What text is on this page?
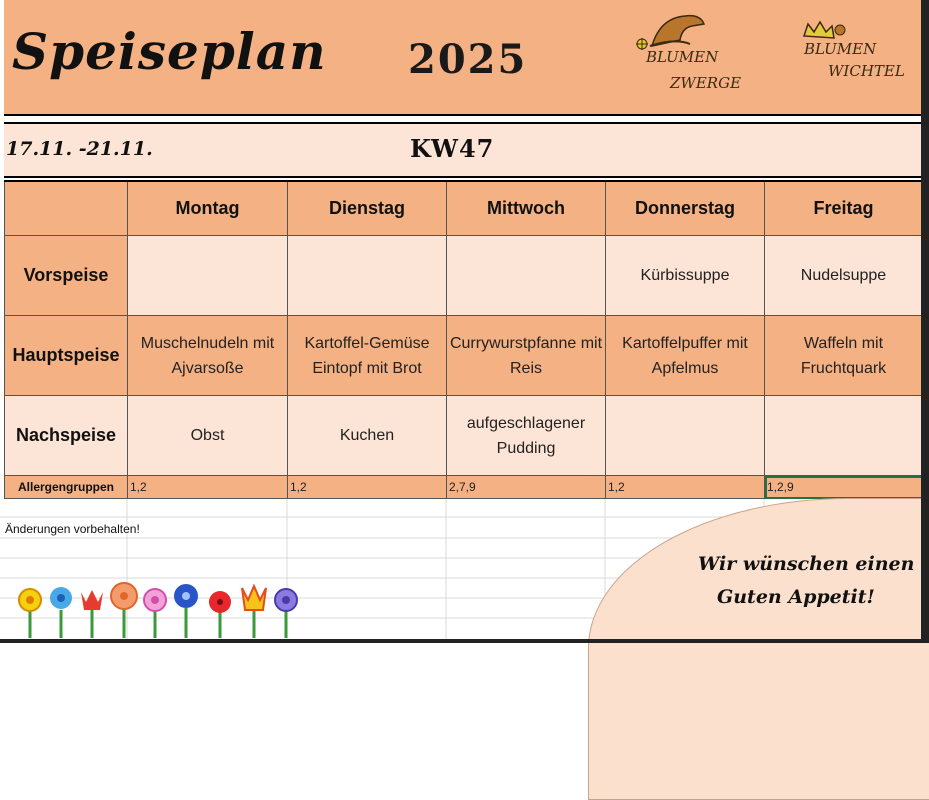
Speiseplan 2025	BLUMEN
ZWERGE
BLUMEN
WICHTEL
17.11. -21.11.	KW47
	Montag	Dienstag	Mittwoch	Donnerstag	Freitag
Vorspeise				Kürbissuppe	Nudelsuppe
Hauptspeise	Muschelnudeln mit Ajvarsoße	Kartoffel-Gemüse Eintopf mit Brot	Currywurstpfanne mit Reis	Kartoffelpuffer mit Apfelmus	Waffeln mit Fruchtquark
Nachspeise	Obst	Kuchen	aufgeschlagener Pudding		
Allergengruppen	1,2	1,2	2,7,9	1,2	1,2,9
Änderungen vorbehalten!
Wir wünschen einen
Guten Appetit!
